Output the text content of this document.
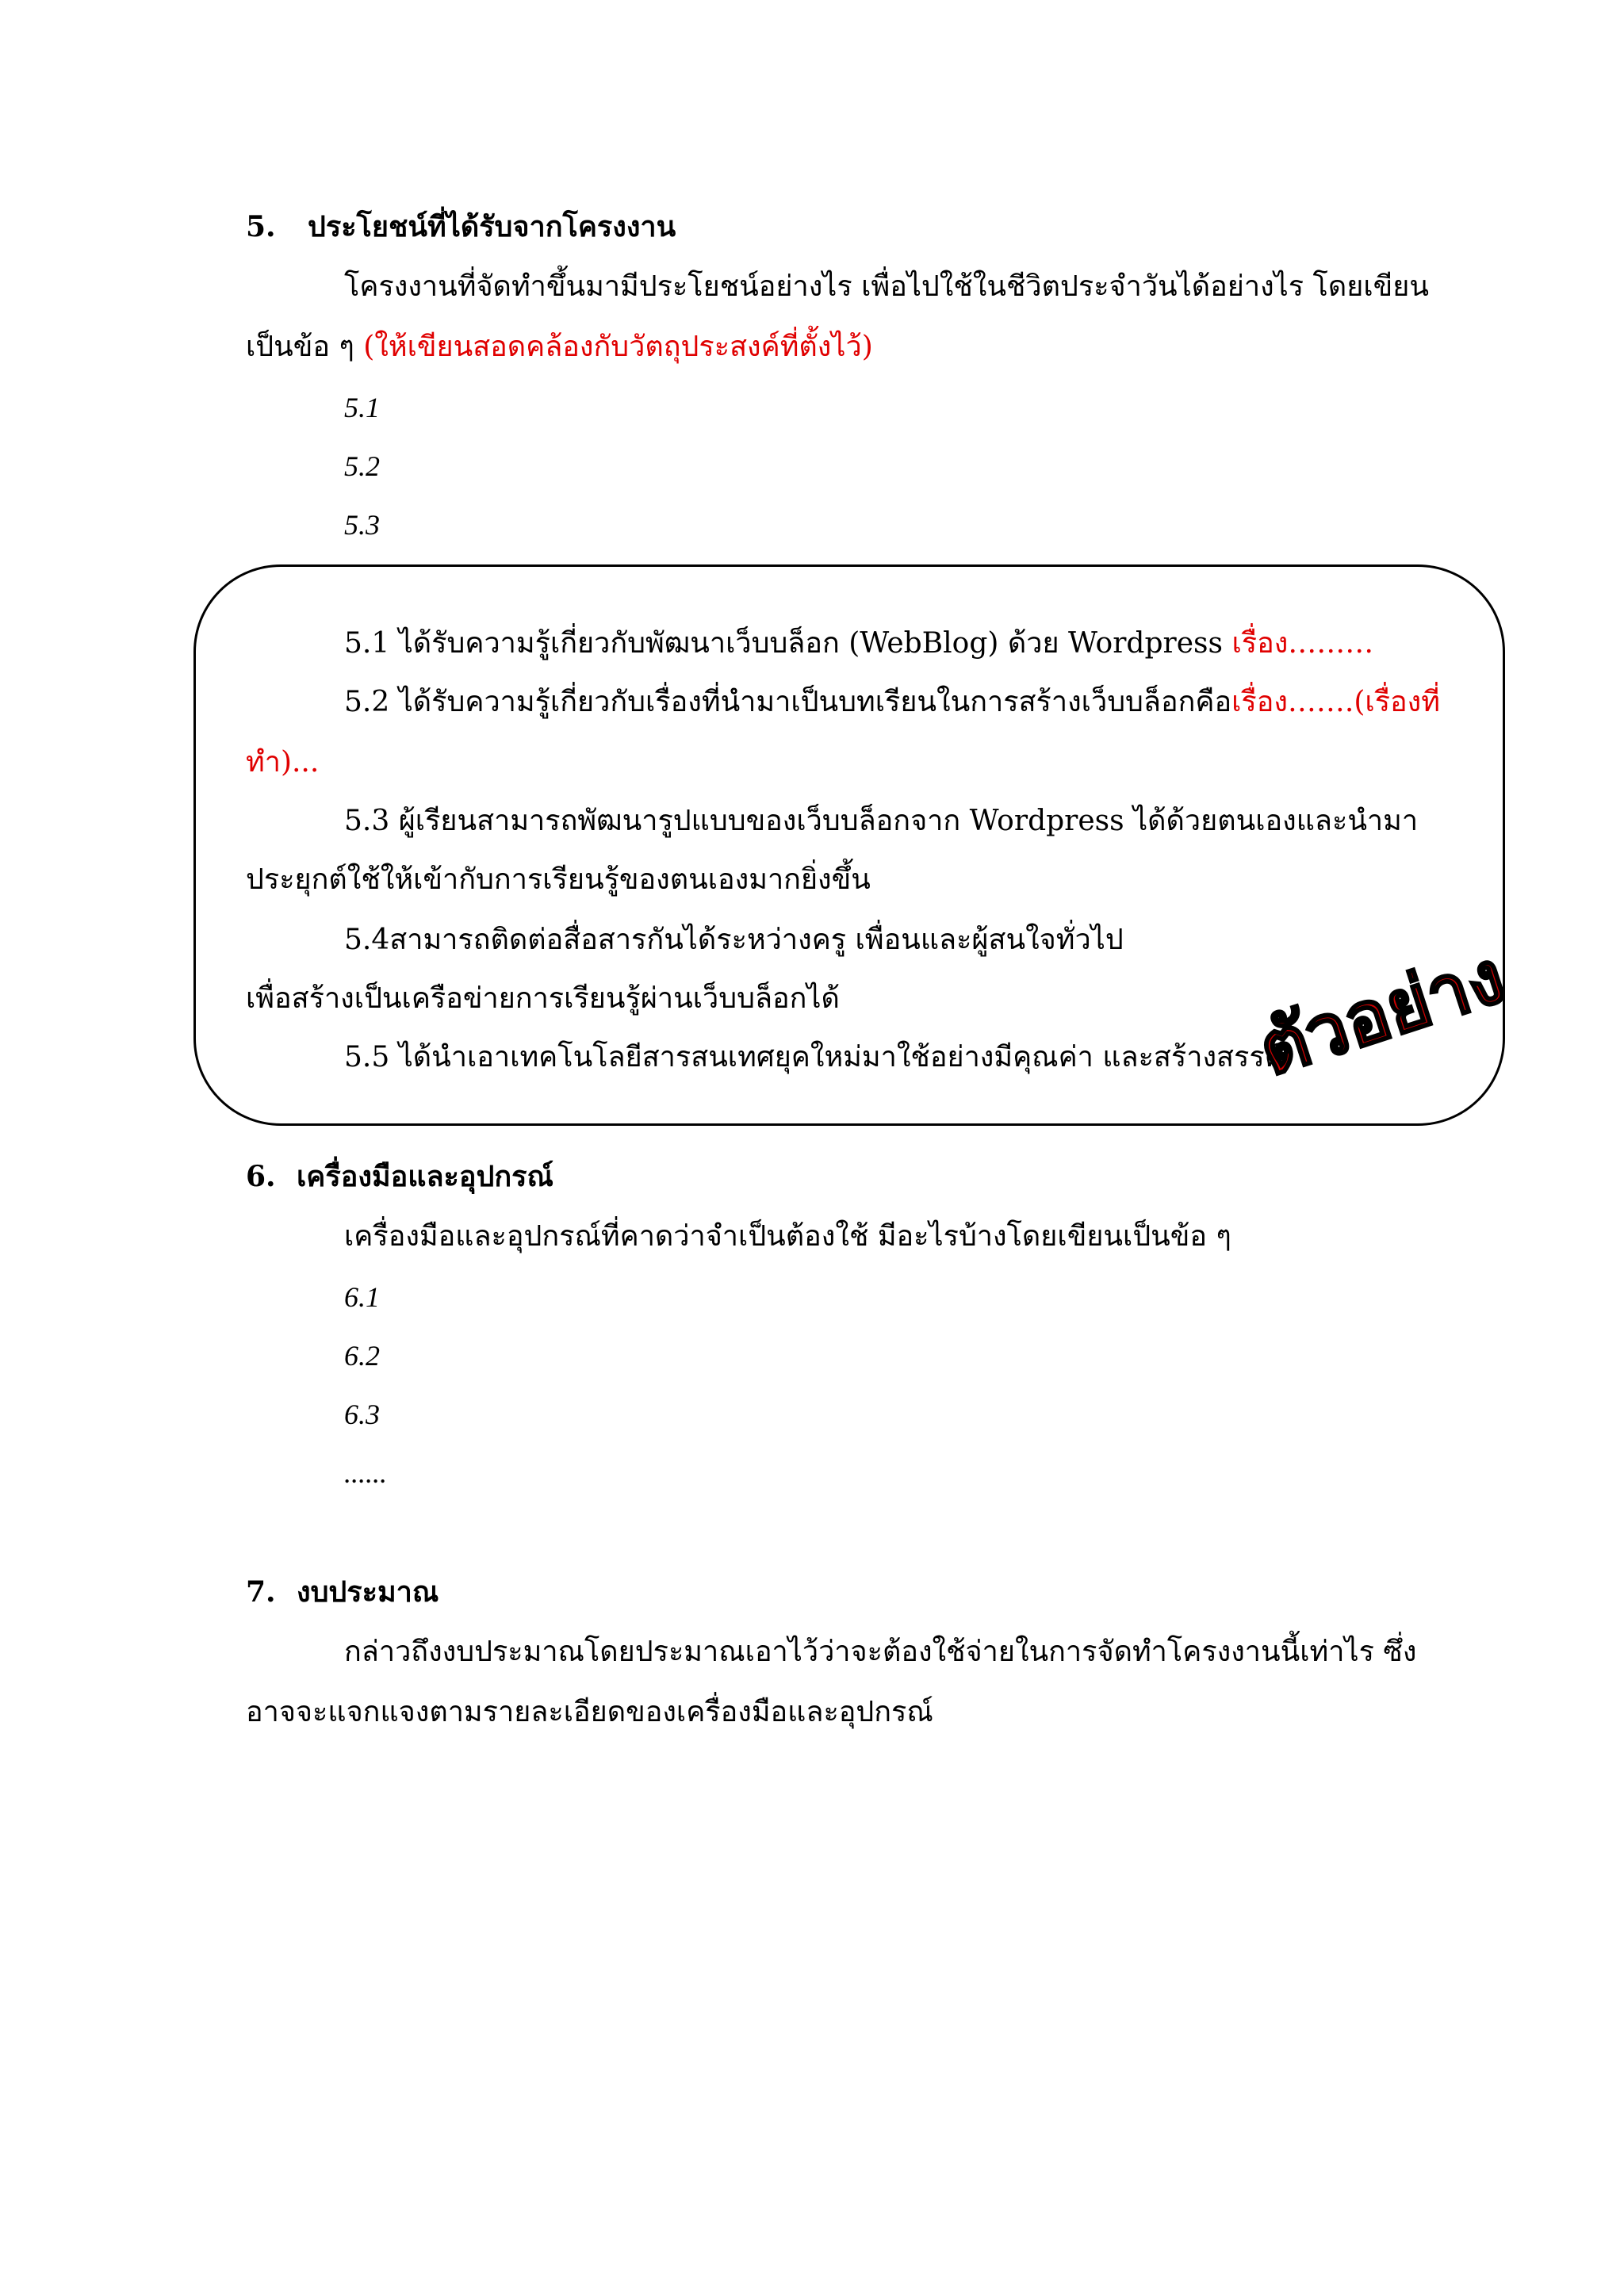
5. ประโยชน์ที่ได้รับจากโครงงาน
โครงงานที่จัดทำขึ้นมามีประโยชน์อย่างไร เพื่อไปใช้ในชีวิตประจำวันได้อย่างไร โดยเขียน
เป็นข้อ ๆ (ให้เขียนสอดคล้องกับวัตถุประสงค์ที่ตั้งไว้)
5.1
5.2
5.3
5.1 ได้รับความรู้เกี่ยวกับพัฒนาเว็บบล็อก (WebBlog) ด้วย Wordpress เรื่อง………
5.2 ได้รับความรู้เกี่ยวกับเรื่องที่นำมาเป็นบทเรียนในการสร้างเว็บบล็อกคือเรื่อง…….(เรื่องที่
ทำ)...
5.3 ผู้เรียนสามารถพัฒนารูปแบบของเว็บบล็อกจาก Wordpress ได้ด้วยตนเองและนำมา
ประยุกต์ใช้ให้เข้ากับการเรียนรู้ของตนเองมากยิ่งขึ้น
5.4สามารถติดต่อสื่อสารกันได้ระหว่างครู เพื่อนและผู้สนใจทั่วไป
เพื่อสร้างเป็นเครือข่ายการเรียนรู้ผ่านเว็บบล็อกได้
5.5 ได้นำเอาเทคโนโลยีสารสนเทศยุคใหม่มาใช้อย่างมีคุณค่า และสร้างสรรค์
ตัวอย่าง
6. เครื่องมือและอุปกรณ์
เครื่องมือและอุปกรณ์ที่คาดว่าจำเป็นต้องใช้ มีอะไรบ้างโดยเขียนเป็นข้อ ๆ
6.1
6.2
6.3
......
7. งบประมาณ
กล่าวถึงงบประมาณโดยประมาณเอาไว้ว่าจะต้องใช้จ่ายในการจัดทำโครงงานนี้เท่าไร ซึ่ง
อาจจะแจกแจงตามรายละเอียดของเครื่องมือและอุปกรณ์
